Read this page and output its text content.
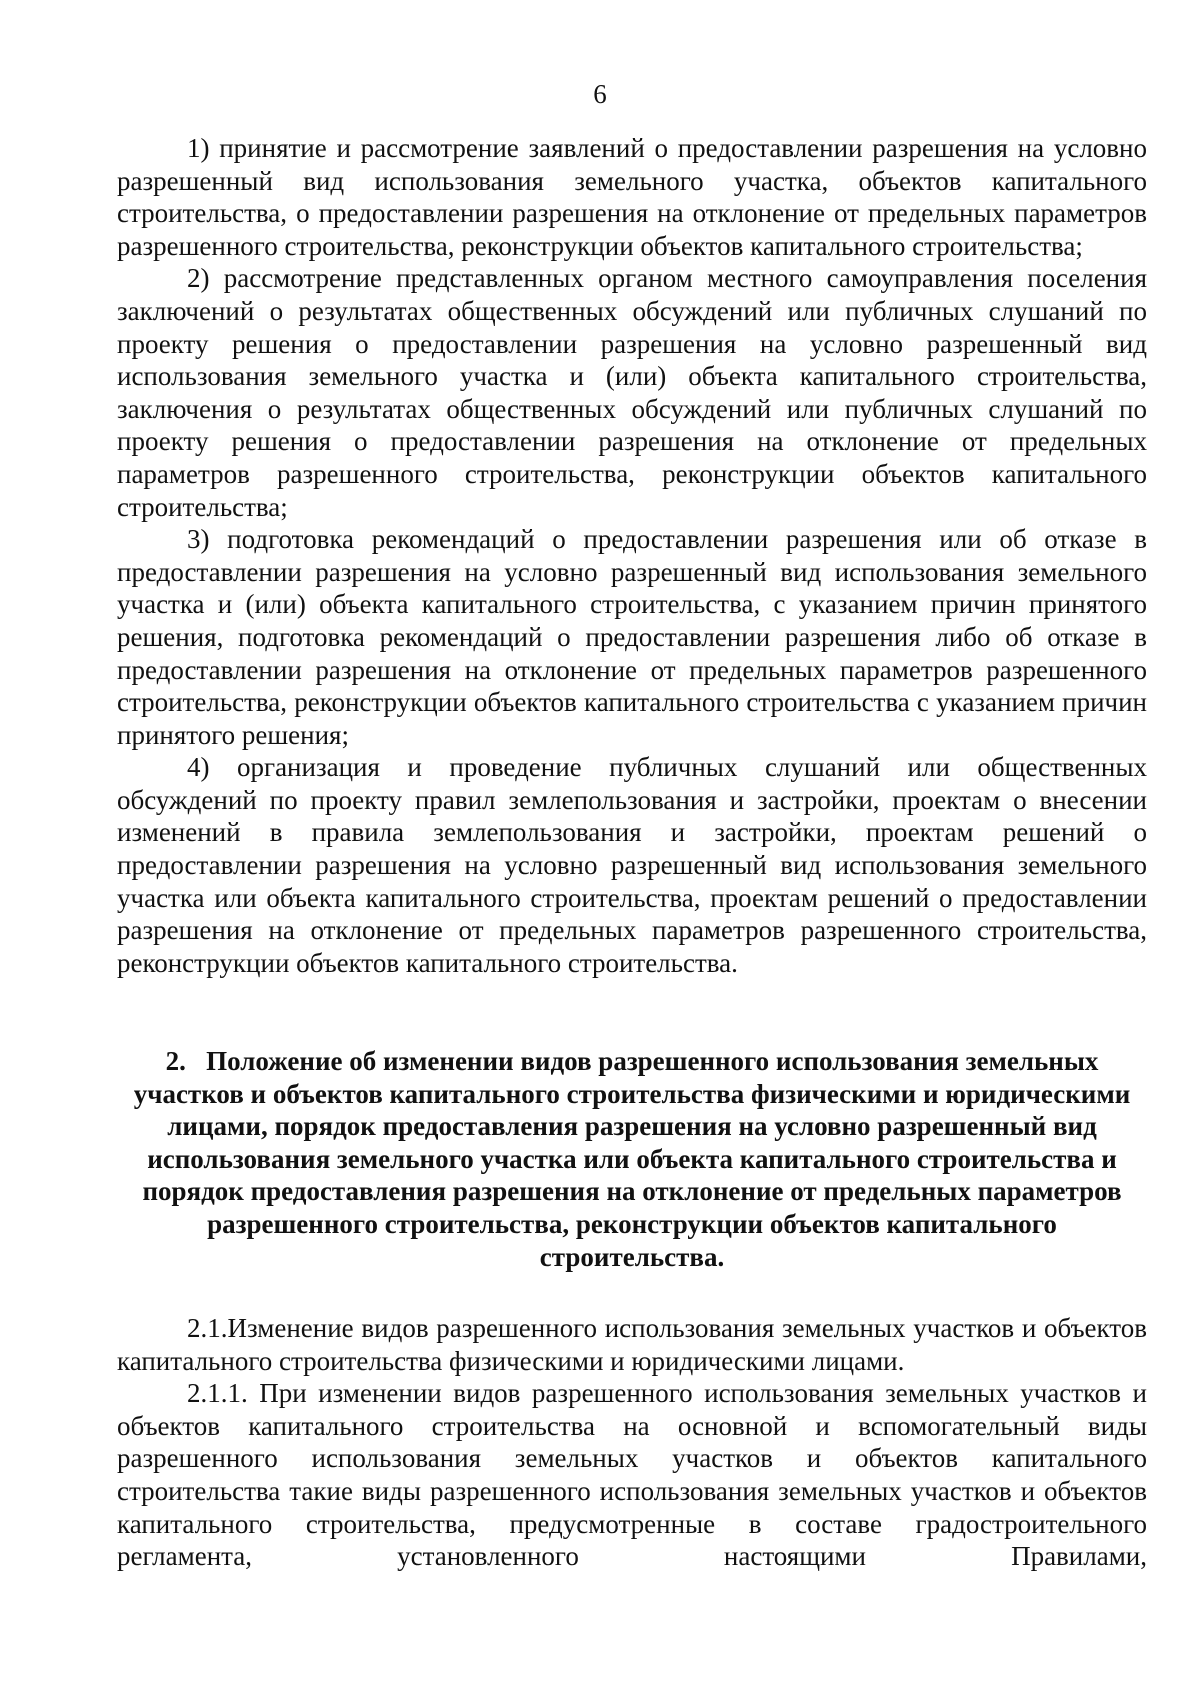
6

1) принятие и рассмотрение заявлений о предоставлении разрешения на условно разрешенный вид использования земельного участка, объектов капитального строительства, о предоставлении разрешения на отклонение от предельных параметров разрешенного строительства, реконструкции объектов капитального строительства;

2) рассмотрение представленных органом местного самоуправления поселения заключений о результатах общественных обсуждений или публичных слушаний по проекту решения о предоставлении разрешения на условно разрешенный вид использования земельного участка и (или) объекта капитального строительства, заключения о результатах общественных обсуждений или публичных слушаний по проекту решения о предоставлении разрешения на отклонение от предельных параметров разрешенного строительства, реконструкции объектов капитального строительства;

3) подготовка рекомендаций о предоставлении разрешения или об отказе в предоставлении разрешения на условно разрешенный вид использования земельного участка и (или) объекта капитального строительства, с указанием причин принятого решения, подготовка рекомендаций о предоставлении разрешения либо об отказе в предоставлении разрешения на отклонение от предельных параметров разрешенного строительства, реконструкции объектов капитального строительства с указанием причин принятого решения;

4) организация и проведение публичных слушаний или общественных обсуждений по проекту правил землепользования и застройки, проектам о внесении изменений в правила землепользования и застройки, проектам решений о предоставлении разрешения на условно разрешенный вид использования земельного участка или объекта капитального строительства, проектам решений о предоставлении разрешения на отклонение от предельных параметров разрешенного строительства, реконструкции объектов капитального строительства.

2.   Положение об изменении видов разрешенного использования земельных участков и объектов капитального строительства физическими и юридическими лицами, порядок предоставления разрешения на условно разрешенный вид использования земельного участка или объекта капитального строительства и порядок предоставления разрешения на отклонение от предельных параметров разрешенного строительства, реконструкции объектов капитального строительства.

2.1.Изменение видов разрешенного использования земельных участков и объектов капитального строительства физическими и юридическими лицами.

2.1.1. При изменении видов разрешенного использования земельных участков и объектов капитального строительства на основной и вспомогательный виды разрешенного использования земельных участков и объектов капитального строительства такие виды разрешенного использования земельных участков и объектов капитального строительства, предусмотренные в составе градостроительного регламента, установленного настоящими Правилами,
